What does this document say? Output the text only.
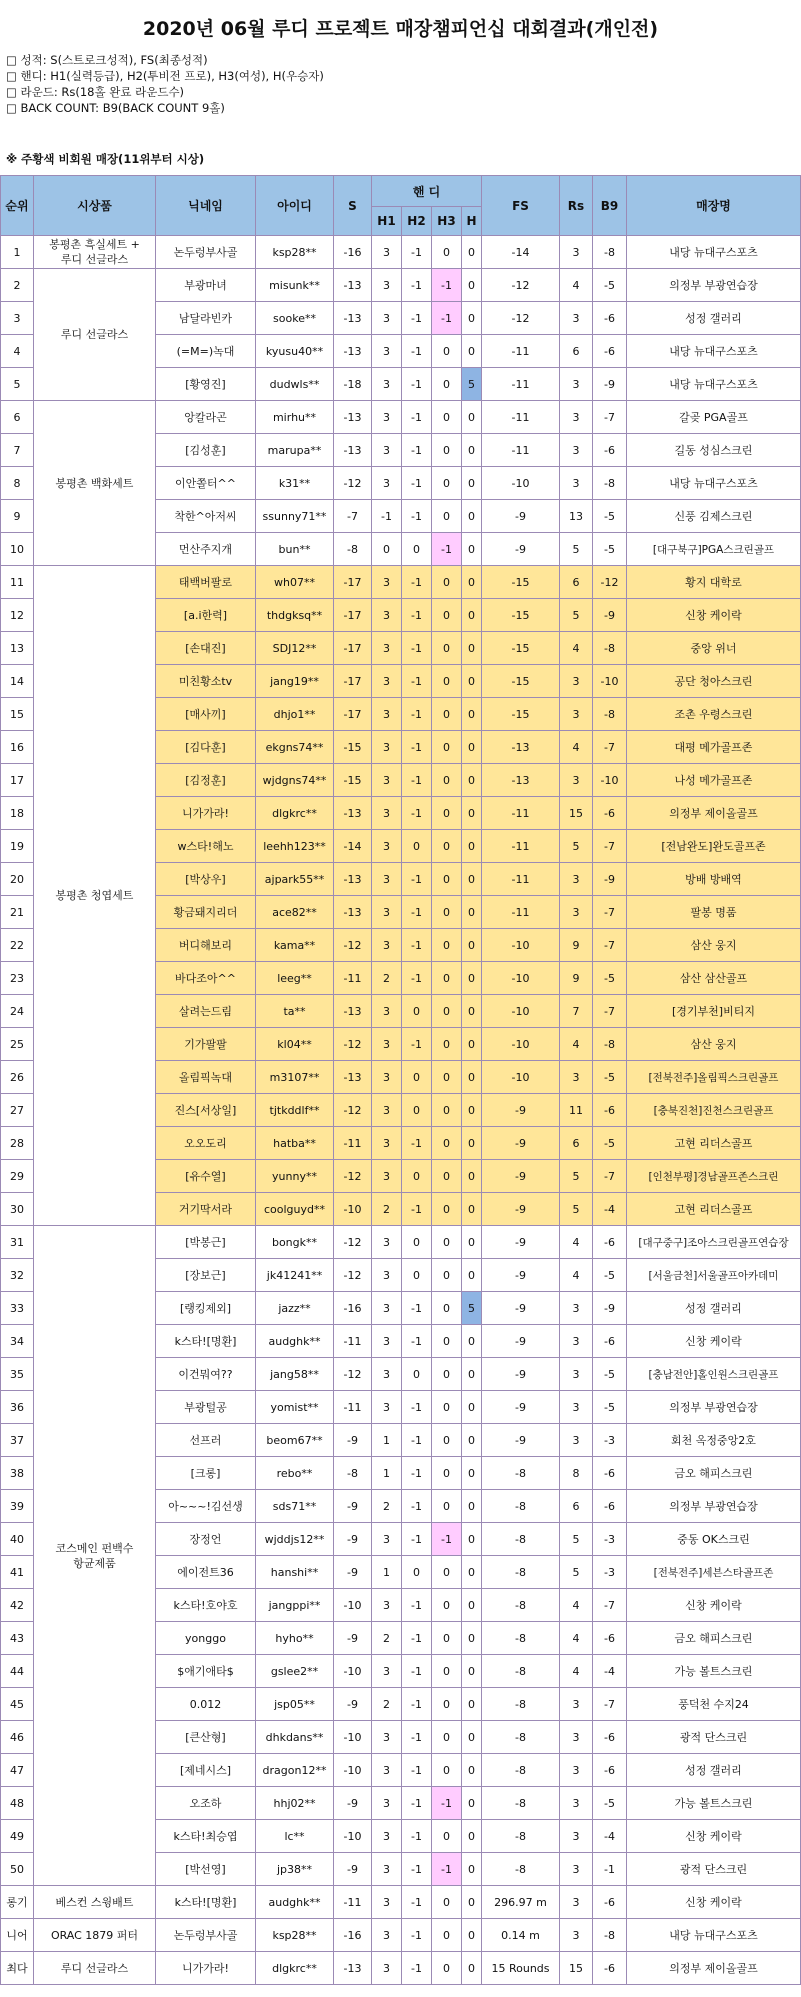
2020년 06월 루디 프로젝트 매장챔피언십 대회결과(개인전)
□ 성적: S(스트로크성적), FS(최종성적)
□ 핸디: H1(실력등급), H2(투비전 프로), H3(여성), H(우승자)
□ 라운드: Rs(18홀 완료 라운드수)
□ BACK COUNT: B9(BACK COUNT 9홀)
※ 주황색 비회원 매장(11위부터 시상)
순위	시상품	닉네임	아이디	S	핸 디				FS	Rs	B9	매장명
					H1	H2	H3	H				
1	봉평촌 흑실세트 +
루디 선글라스	논두렁부사골	ksp28**	-16	3	-1	0	0	-14	3	-8	내당 뉴대구스포츠
2	루디 선글라스	부광마녀	misunk**	-13	3	-1	-1	0	-12	4	-5	의정부 부광연습장
3		남달라빈카	sooke**	-13	3	-1	-1	0	-12	3	-6	성정 갤러리
4		(=M=)녹대	kyusu40**	-13	3	-1	0	0	-11	6	-6	내당 뉴대구스포츠
5		[황영진]	dudwls**	-18	3	-1	0	5	-11	3	-9	내당 뉴대구스포츠
6	봉평촌 백화세트	앙칼라곤	mirhu**	-13	3	-1	0	0	-11	3	-7	갈곶 PGA골프
7		[김성훈]	marupa**	-13	3	-1	0	0	-11	3	-6	길동 성심스크린
8		이안쫄터^^	k31**	-12	3	-1	0	0	-10	3	-8	내당 뉴대구스포츠
9		착한^아저씨	ssunny71**	-7	-1	-1	0	0	-9	13	-5	신풍 김제스크린
10		먼산주지개	bun**	-8	0	0	-1	0	-9	5	-5	[대구북구]PGA스크린골프
11	봉평촌 청엽세트	태백버팔로	wh07**	-17	3	-1	0	0	-15	6	-12	황지 대학로
12		[a.i한력]	thdgksq**	-17	3	-1	0	0	-15	5	-9	신창 케이락
13		[손대진]	SDJ12**	-17	3	-1	0	0	-15	4	-8	중앙 위너
14		미친황소tv	jang19**	-17	3	-1	0	0	-15	3	-10	공단 청아스크린
15		[매사끼]	dhjo1**	-17	3	-1	0	0	-15	3	-8	조촌 우령스크린
16		[김다훈]	ekgns74**	-15	3	-1	0	0	-13	4	-7	대평 메가골프존
17		[김정훈]	wjdgns74**	-15	3	-1	0	0	-13	3	-10	나성 메가골프존
18		니가가라!	dlgkrc**	-13	3	-1	0	0	-11	15	-6	의정부 제이올골프
19		w스타!해노	leehh123**	-14	3	0	0	0	-11	5	-7	[전남완도]완도골프존
20		[박상우]	ajpark55**	-13	3	-1	0	0	-11	3	-9	방배 방배역
21		황금돼지리더	ace82**	-13	3	-1	0	0	-11	3	-7	팔봉 명품
22		버디해보리	kama**	-12	3	-1	0	0	-10	9	-7	삼산 웅지
23		바다조아^^	leeg**	-11	2	-1	0	0	-10	9	-5	삼산 삼산골프
24		살려는드림	ta**	-13	3	0	0	0	-10	7	-7	[경기부천]비티지
25		기가팔팔	kl04**	-12	3	-1	0	0	-10	4	-8	삼산 웅지
26		올림픽녹대	m3107**	-13	3	0	0	0	-10	3	-5	[전북전주]올림픽스크린골프
27		진스[서상일]	tjtkddlf**	-12	3	0	0	0	-9	11	-6	[충북진천]진천스크린골프
28		오오도리	hatba**	-11	3	-1	0	0	-9	6	-5	고현 리더스골프
29		[유수열]	yunny**	-12	3	0	0	0	-9	5	-7	[인천부평]경남골프존스크린
30		거기딱서라	coolguyd**	-10	2	-1	0	0	-9	5	-4	고현 리더스골프
31	코스메인 펀백수
항균제품	[박봉근]	bongk**	-12	3	0	0	0	-9	4	-6	[대구중구]조아스크린골프연습장
32		[장보근]	jk41241**	-12	3	0	0	0	-9	4	-5	[서울금천]서울골프아카데미
33		[랭킹제외]	jazz**	-16	3	-1	0	5	-9	3	-9	성정 갤러리
34		k스타![명환]	audghk**	-11	3	-1	0	0	-9	3	-6	신창 케이락
35		이건뭐여??	jang58**	-12	3	0	0	0	-9	3	-5	[충남전안]홀인원스크린골프
36		부광털공	yomist**	-11	3	-1	0	0	-9	3	-5	의정부 부광연습장
37		선프러	beom67**	-9	1	-1	0	0	-9	3	-3	회천 옥정중앙2호
38		[크롱]	rebo**	-8	1	-1	0	0	-8	8	-6	금오 해피스크린
39		아~~~!김선생	sds71**	-9	2	-1	0	0	-8	6	-6	의정부 부광연습장
40		장정언	wjddjs12**	-9	3	-1	-1	0	-8	5	-3	중동 OK스크린
41		에이전트36	hanshi**	-9	1	0	0	0	-8	5	-3	[전북전주]세븐스타골프존
42		k스타!호야호	jangppi**	-10	3	-1	0	0	-8	4	-7	신창 케이락
43		yonggo	hyho**	-9	2	-1	0	0	-8	4	-6	금오 해피스크린
44		$애기애타$	gslee2**	-10	3	-1	0	0	-8	4	-4	가능 볼트스크린
45		0.012	jsp05**	-9	2	-1	0	0	-8	3	-7	풍덕천 수지24
46		[큰산형]	dhkdans**	-10	3	-1	0	0	-8	3	-6	광적 단스크린
47		[제네시스]	dragon12**	-10	3	-1	0	0	-8	3	-6	성정 갤러리
48		오조하	hhj02**	-9	3	-1	-1	0	-8	3	-5	가능 볼트스크린
49		k스타!최승엽	lc**	-10	3	-1	0	0	-8	3	-4	신창 케이락
50		[박선영]	jp38**	-9	3	-1	-1	0	-8	3	-1	광적 단스크린
롱기	베스컨 스윙배트	k스타![명환]	audghk**	-11	3	-1	0	0	296.97 m	3	-6	신창 케이락
니어	ORAC 1879 퍼터	논두렁부사골	ksp28**	-16	3	-1	0	0	0.14 m	3	-8	내당 뉴대구스포츠
최다	루디 선글라스	니가가라!	dlgkrc**	-13	3	-1	0	0	15 Rounds	15	-6	의정부 제이올골프
